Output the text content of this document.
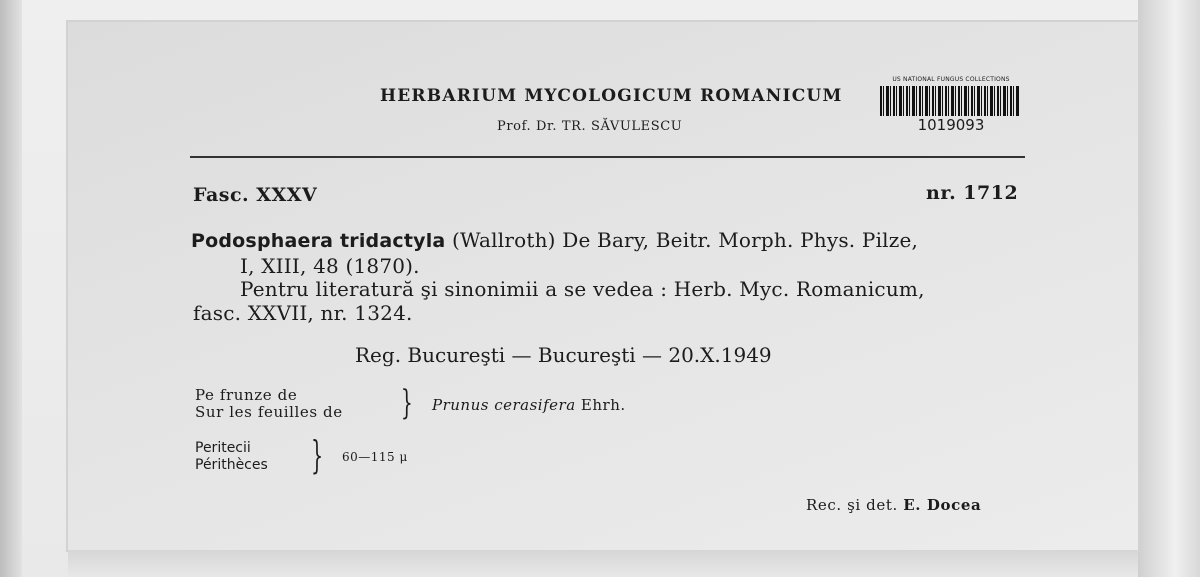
HERBARIUM MYCOLOGICUM ROMANICUM
Prof. Dr. TR. SĂVULESCU
US NATIONAL FUNGUS COLLECTIONS
1019093
Fasc. XXXV	nr. 1712
Podosphaera tridactyla (Wallroth) De Bary, Beitr. Morph. Phys. Pilze,
I, XIII, 48 (1870).
Pentru literatură şi sinonimii a se vedea : Herb. Myc. Romanicum,
fasc. XXVII, nr. 1324.
Reg. Bucureşti — Bucureşti — 20.X.1949
Pe frunze de
Sur les feuilles de } Prunus cerasifera Ehrh.
Peritecii
Périthèces } 60—115 μ
Rec. şi det. E. Docea
